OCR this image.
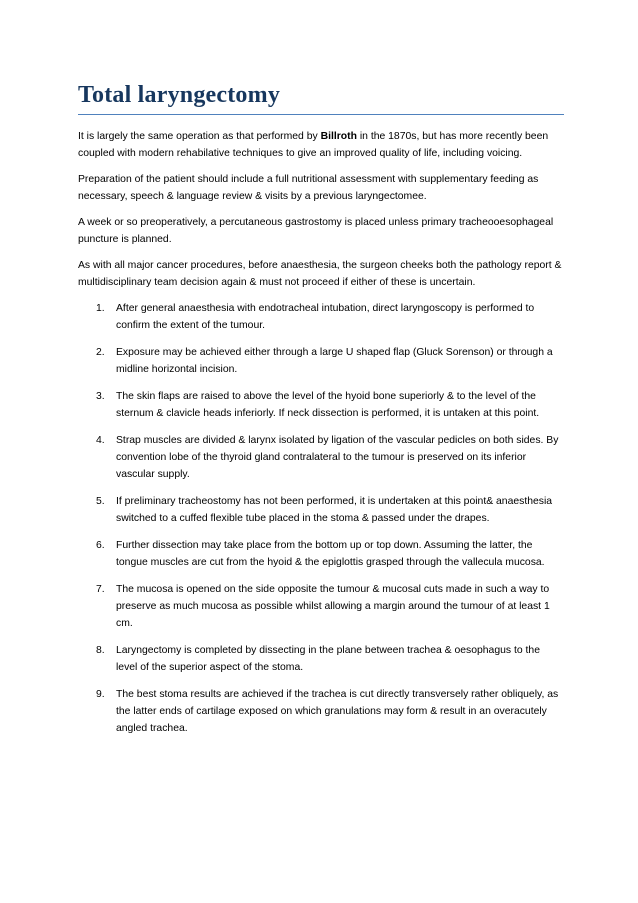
Total laryngectomy

It is largely the same operation as that performed by Billroth in the 1870s, but has more recently been coupled with modern rehabilative techniques to give an improved quality of life, including voicing.

Preparation of the patient should include a full nutritional assessment with supplementary feeding as necessary, speech & language review & visits by a previous laryngectomee.

A week or so preoperatively, a percutaneous gastrostomy is placed unless primary tracheooesophageal puncture is planned.

As with all major cancer procedures, before anaesthesia, the surgeon cheeks both the pathology report & multidisciplinary team decision again & must not proceed if either of these is uncertain.

1. After general anaesthesia with endotracheal intubation, direct laryngoscopy is performed to confirm the extent of the tumour.
2. Exposure may be achieved either through a large U shaped flap (Gluck Sorenson) or through a midline horizontal incision.
3. The skin flaps are raised to above the level of the hyoid bone superiorly & to the level of the sternum & clavicle heads inferiorly. If neck dissection is performed, it is untaken at this point.
4. Strap muscles are divided & larynx isolated by ligation of the vascular pedicles on both sides. By convention lobe of the thyroid gland contralateral to the tumour is preserved on its inferior vascular supply.
5. If preliminary tracheostomy has not been performed, it is undertaken at this point& anaesthesia switched to a cuffed flexible tube placed in the stoma & passed under the drapes.
6. Further dissection may take place from the bottom up or top down. Assuming the latter, the tongue muscles are cut from the hyoid & the epiglottis grasped through the vallecula mucosa.
7. The mucosa is opened on the side opposite the tumour & mucosal cuts made in such a way to preserve as much mucosa as possible whilst allowing a margin around the tumour of at least 1 cm.
8. Laryngectomy is completed by dissecting in the plane between trachea & oesophagus to the level of the superior aspect of the stoma.
9. The best stoma results are achieved if the trachea is cut directly transversely rather obliquely, as the latter ends of cartilage exposed on which granulations may form & result in an overacutely angled trachea.
